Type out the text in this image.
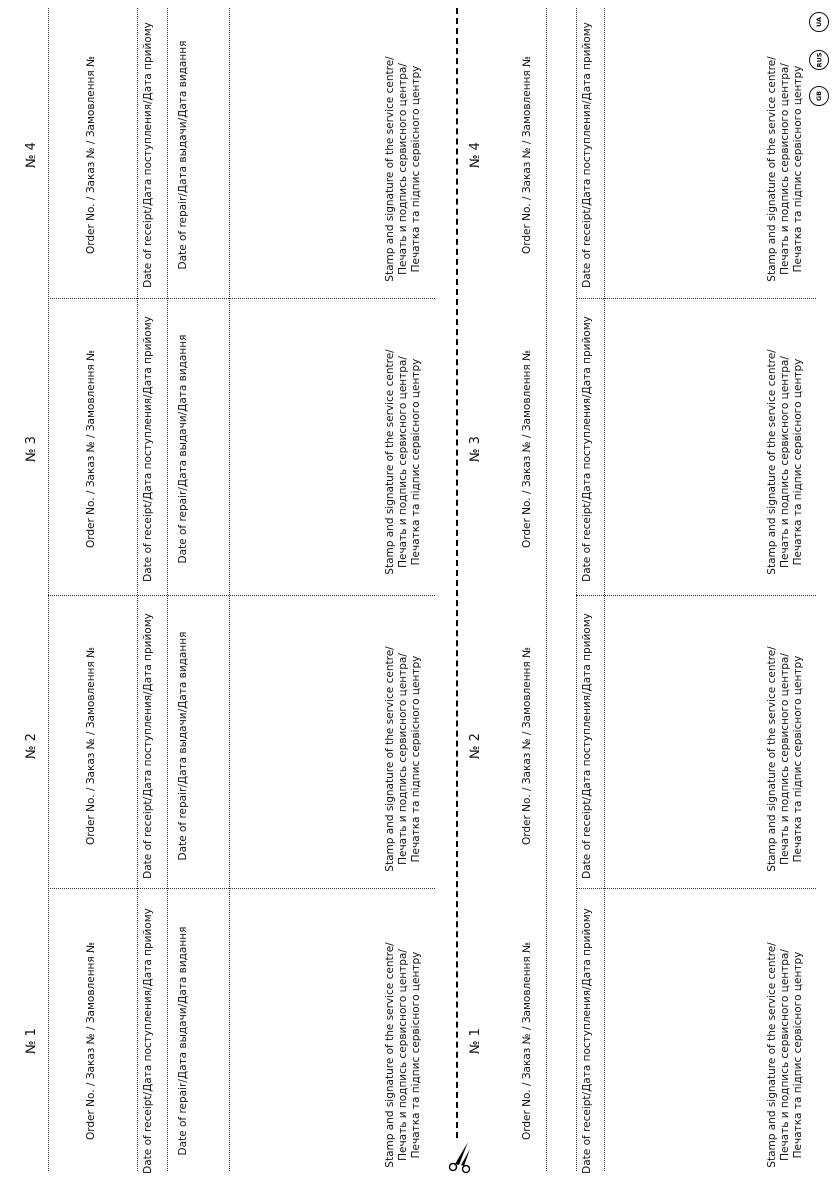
№ 1	Order No. / Заказ № / Замовлення №	Date of receipt/Дата поступления/Дата прийому Date of repair/Дата выдачи/Дата видання	Stamp and signature of the service centre/ Печать и подпись сервисного центра/ Печатка та підпис сервісного центру
№ 2	Order No. / Заказ № / Замовлення №	Date of receipt/Дата поступления/Дата прийому Date of repair/Дата выдачи/Дата видання	Stamp and signature of the service centre/ Печать и подпись сервисного центра/ Печатка та підпис сервісного центру
№ 3	Order No. / Заказ № / Замовлення №	Date of receipt/Дата поступления/Дата прийому Date of repair/Дата выдачи/Дата видання	Stamp and signature of the service centre/ Печать и подпись сервисного центра/ Печатка та підпис сервісного центру
№ 4	Order No. / Заказ № / Замовлення №	Date of receipt/Дата поступления/Дата прийому Date of repair/Дата выдачи/Дата видання	Stamp and signature of the service centre/ Печать и подпись сервисного центра/ Печатка та підпис сервісного центру
№ 1	Order No. / Заказ № / Замовлення №	Date of receipt/Дата поступления/Дата прийому	Stamp and signature of the service centre/ Печать и подпись сервисного центра/ Печатка та підпис сервісного центру
№ 2	Order No. / Заказ № / Замовлення №	Date of receipt/Дата поступления/Дата прийому	Stamp and signature of the service centre/ Печать и подпись сервисного центра/ Печатка та підпис сервісного центру
№ 3	Order No. / Заказ № / Замовлення №	Date of receipt/Дата поступления/Дата прийому	Stamp and signature of the service centre/ Печать и подпись сервисного центра/ Печатка та підпис сервісного центру
№ 4	Order No. / Заказ № / Замовлення №	Date of receipt/Дата поступления/Дата прийому	Stamp and signature of the service centre/ Печать и подпись сервисного центра/ Печатка та підпис сервісного центру
UA
RUS
GB
